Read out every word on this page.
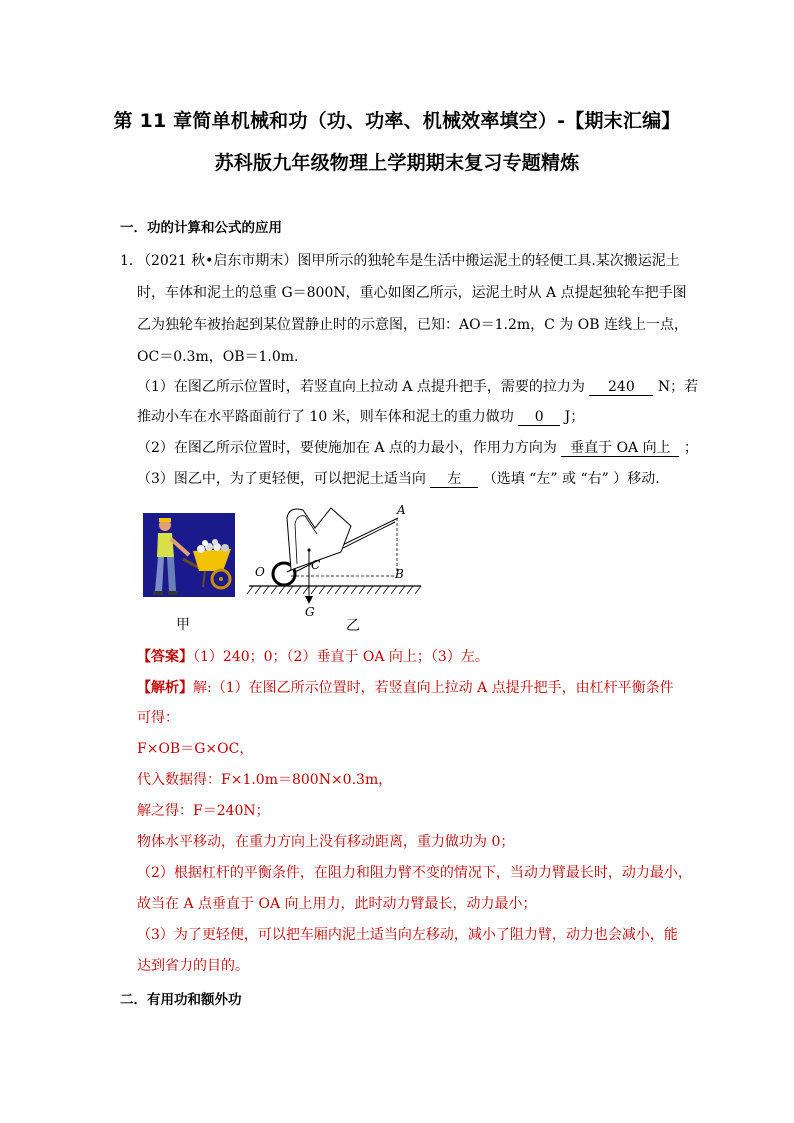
第 11 章简单机械和功（功、功率、机械效率填空）-【期末汇编】
苏科版九年级物理上学期期末复习专题精炼
一．功的计算和公式的应用
1．
（2021 秋•启东市期末）图甲所示的独轮车是生活中搬运泥土的轻便工具.某次搬运泥土
时，车体和泥土的总重 G＝800N，重心如图乙所示，运泥土时从 A 点提起独轮车把手图
乙为独轮车被抬起到某位置静止时的示意图，已知：AO＝1.2m，C 为 OB 连线上一点，
OC＝0.3m，OB＝1.0m.
（1）在图乙所示位置时，若竖直向上拉动 A 点提升把手，需要的拉力为 240 N；若
推动小车在水平路面前行了 10 米，则车体和泥土的重力做功 0 J；
（2）在图乙所示位置时，要使施加在 A 点的力最小，作用力方向为 垂直于 OA 向上 ；
（3）图乙中，为了更轻便，可以把泥土适当向 左 （选填 “左” 或 “右” ）移动.
A
B
C
O
G
甲	乙
【答案】（1）240；0；（2）垂直于 OA 向上；（3）左。
【解析】解:（1）在图乙所示位置时，若竖直向上拉动 A 点提升把手，由杠杆平衡条件
可得：
F×OB＝G×OC，
代入数据得：F×1.0m＝800N×0.3m，
解之得：F＝240N；
物体水平移动，在重力方向上没有移动距离，重力做功为 0；
（2）根据杠杆的平衡条件，在阻力和阻力臂不变的情况下，当动力臂最长时，动力最小，
故当在 A 点垂直于 OA 向上用力，此时动力臂最长，动力最小；
（3）为了更轻便，可以把车厢内泥土适当向左移动，减小了阻力臂，动力也会减小，能
达到省力的目的。
二．有用功和额外功
